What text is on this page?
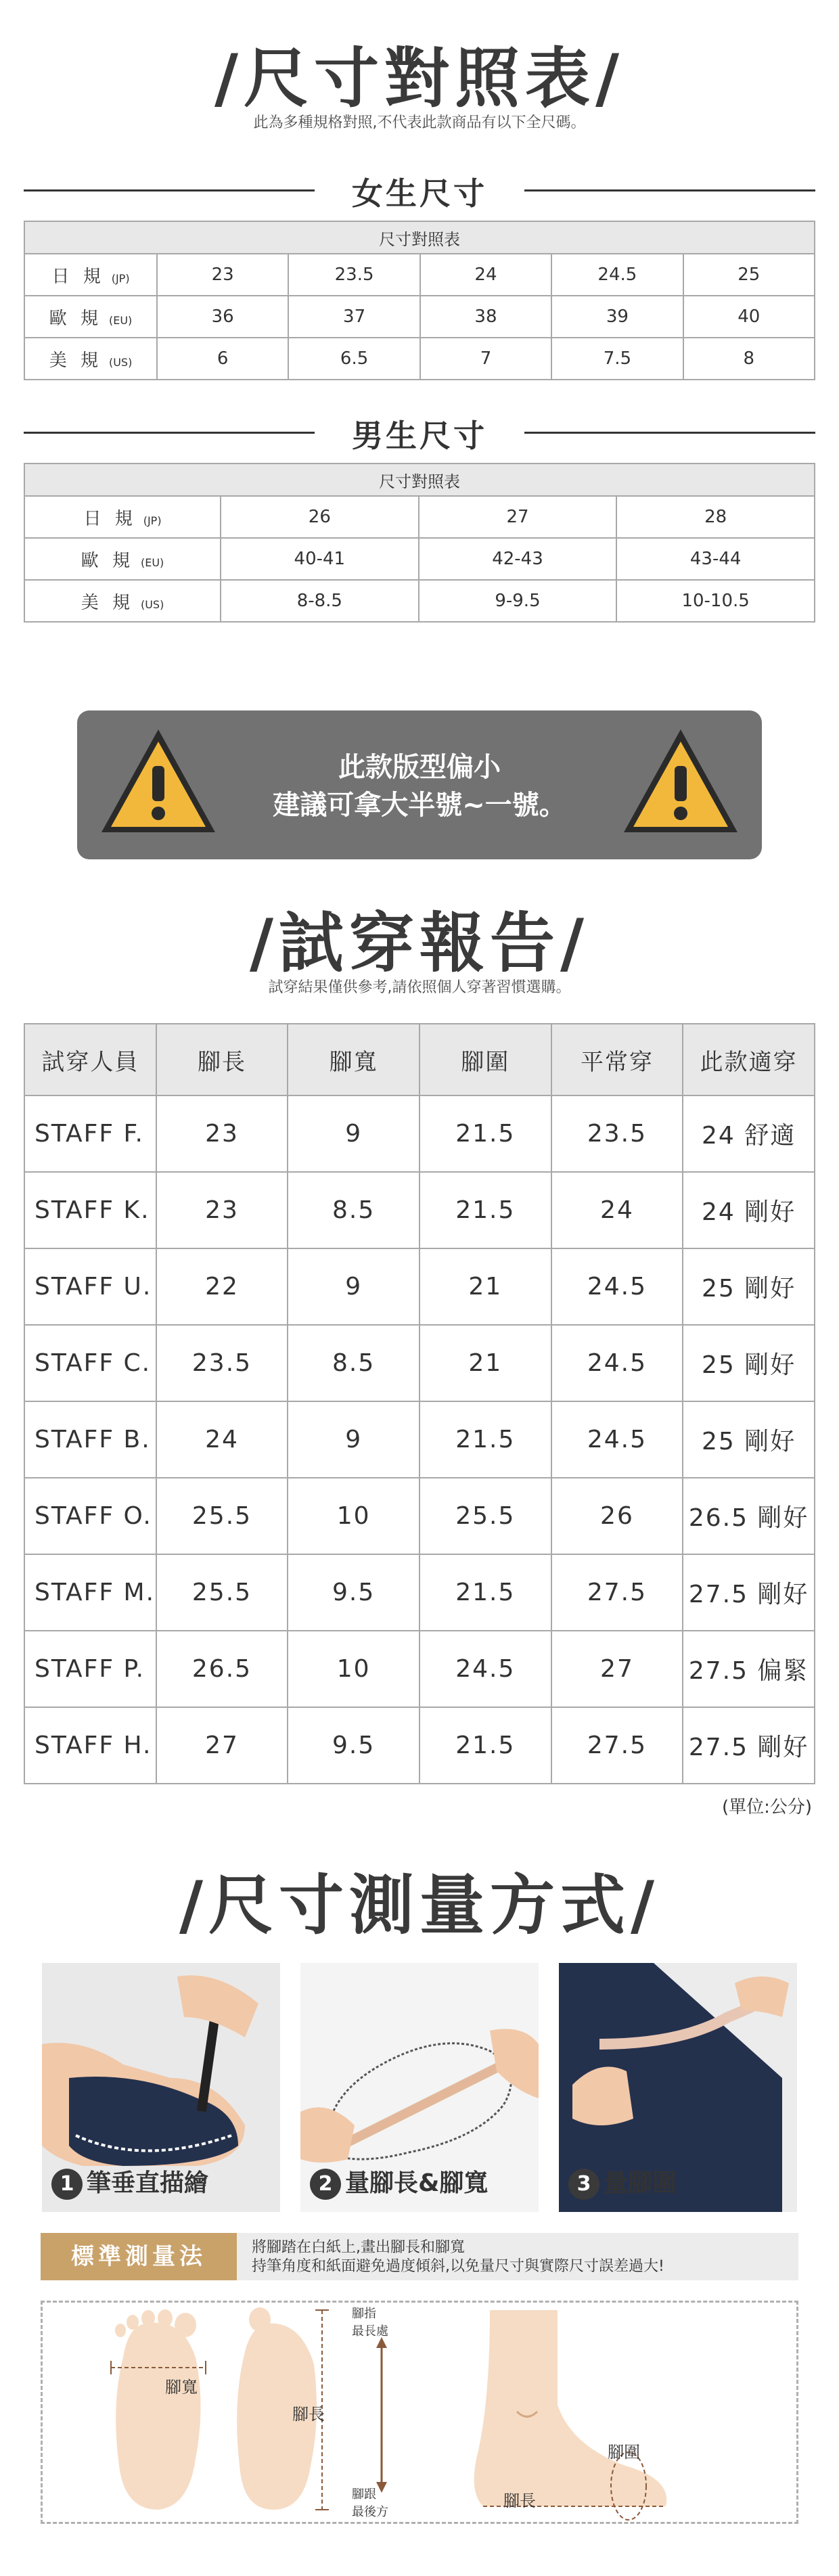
/尺寸對照表/
此為多種規格對照,不代表此款商品有以下全尺碼。
女生尺寸
尺寸對照表					
日 規 (JP)	23	23.5	24	24.5	25
歐 規 (EU)	36	37	38	39	40
美 規 (US)	6	6.5	7	7.5	8
男生尺寸
尺寸對照表			
日 規 (JP)	26	27	28
歐 規 (EU)	40-41	42-43	43-44
美 規 (US)	8-8.5	9-9.5	10-10.5
此款版型偏小
建議可拿大半號~一號。
/試穿報告/
試穿結果僅供參考,請依照個人穿著習慣選購。
試穿人員	腳長	腳寬	腳圍	平常穿	此款適穿
STAFF F.	23	9	21.5	23.5	24 舒適
STAFF K.	23	8.5	21.5	24	24 剛好
STAFF U.	22	9	21	24.5	25 剛好
STAFF C.	23.5	8.5	21	24.5	25 剛好
STAFF B.	24	9	21.5	24.5	25 剛好
STAFF O.	25.5	10	25.5	26	26.5 剛好
STAFF M.	25.5	9.5	21.5	27.5	27.5 剛好
STAFF P.	26.5	10	24.5	27	27.5 偏緊
STAFF H.	27	9.5	21.5	27.5	27.5 剛好
(單位:公分)
/尺寸測量方式/
1 筆垂直描繪	2 量腳長&腳寬	3 量腳圍
標準測量法	將腳踏在白紙上,畫出腳長和腳寬
持筆角度和紙面避免過度傾斜,以免量尺寸與實際尺寸誤差過大!
腳寬
腳長
腳指
最長處
腳跟
最後方
腳圍
腳長
